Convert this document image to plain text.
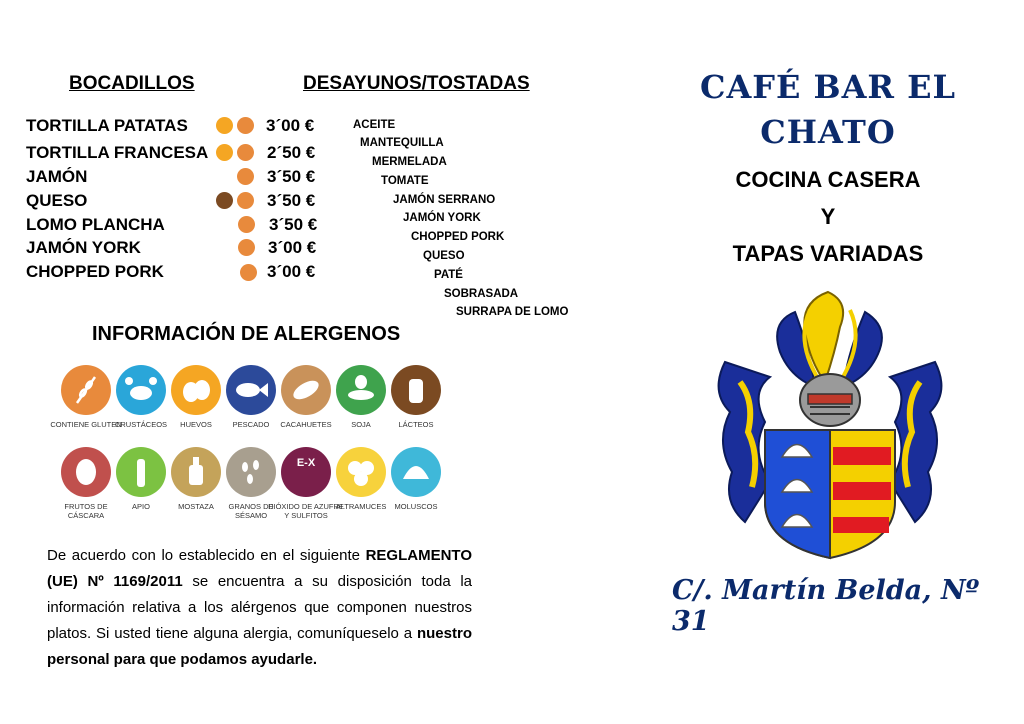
BOCADILLOS	DESAYUNOS/TOSTADAS
TORTILLA PATATAS	3´00 €
TORTILLA FRANCESA	2´50 €
JAMÓN	3´50 €
QUESO	3´50 €
LOMO PLANCHA	3´50 €
JAMÓN YORK	3´00 €
CHOPPED PORK	3´00 €
ACEITE
MANTEQUILLA
MERMELADA
TOMATE
JAMÓN SERRANO
JAMÓN YORK
CHOPPED PORK
QUESO
PATÉ
SOBRASADA
SURRAPA DE LOMO
INFORMACIÓN DE ALERGENOS
CONTIENE GLUTEN
CRUSTÁCEOS	HUEVOS	PESCADO	CACAHUETES	SOJA	LÁCTEOS
E-X
FRUTOS DE CÁSCARA
APIO	MOSTAZA	GRANOS DE SÉSAMO
DIÓXIDO DE AZUFRE Y SULFITOS
ALTRAMUCES	MOLUSCOS
De acuerdo con lo establecido en el siguiente REGLAMENTO (UE) Nº 1169/2011 se encuentra a su disposición toda la información relativa a los alérgenos que componen nuestros platos. Si usted tiene alguna alergia, comuníqueselo a nuestro personal para que podamos ayudarle.
CAFÉ BAR EL
CHATO
COCINA CASERA
Y
TAPAS VARIADAS
C/. Martín Belda, Nº 31
